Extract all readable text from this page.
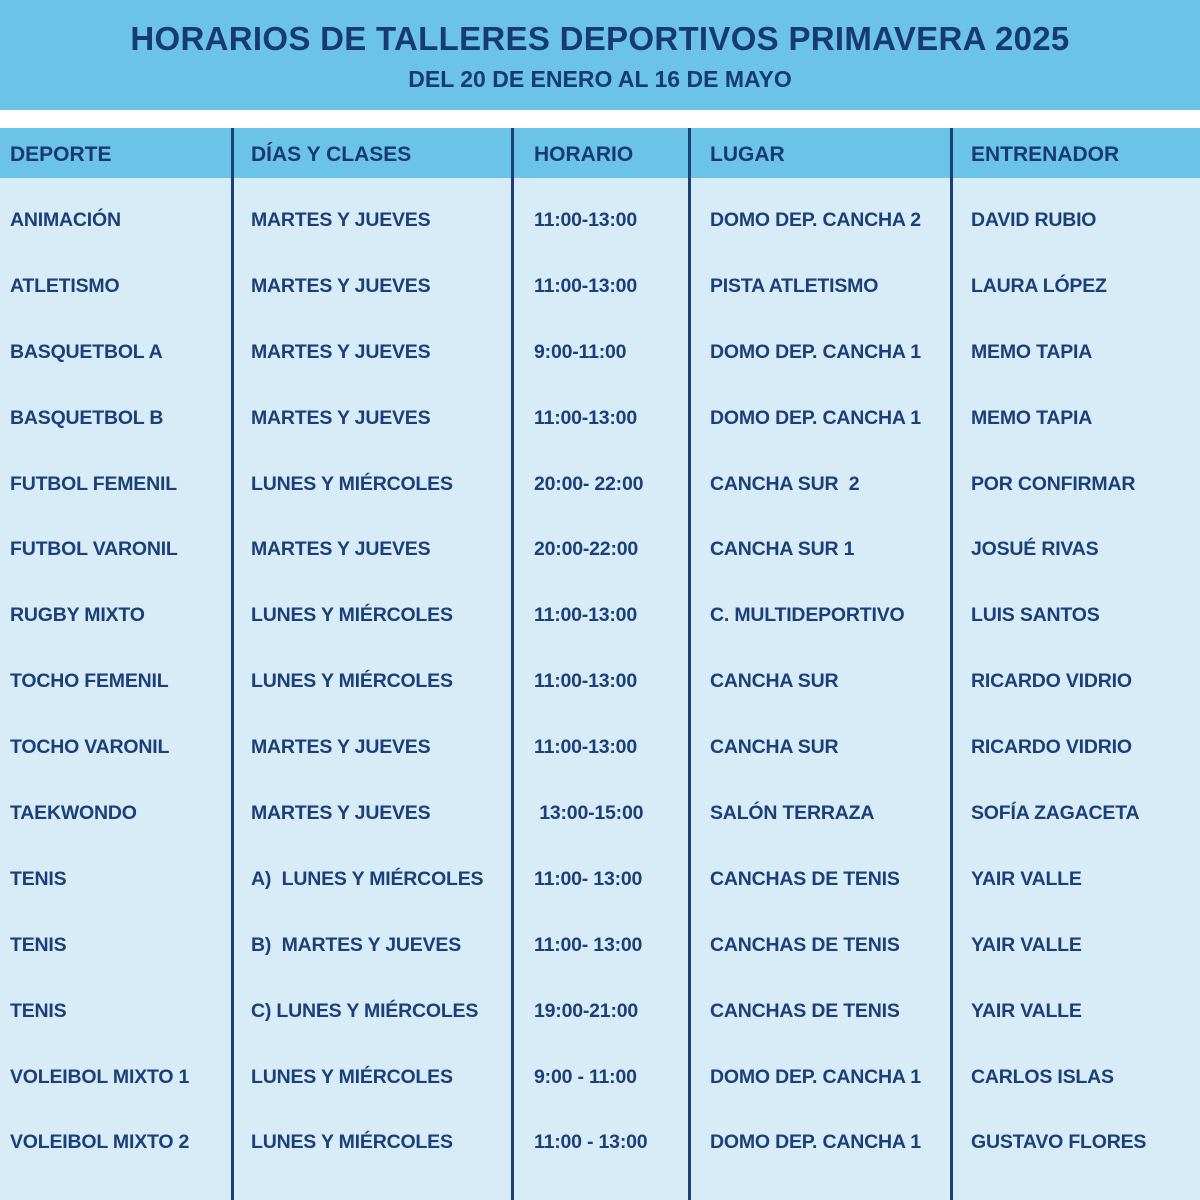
HORARIOS DE TALLERES DEPORTIVOS PRIMAVERA 2025
DEL 20 DE ENERO AL 16 DE MAYO
DEPORTE	DÍAS Y CLASES	HORARIO	LUGAR	ENTRENADOR
ANIMACIÓN	MARTES Y JUEVES	11:00-13:00	DOMO DEP. CANCHA 2	DAVID RUBIO
ATLETISMO	MARTES Y JUEVES	11:00-13:00	PISTA ATLETISMO	LAURA LÓPEZ
BASQUETBOL A	MARTES Y JUEVES	9:00-11:00	DOMO DEP. CANCHA 1	MEMO TAPIA
BASQUETBOL B	MARTES Y JUEVES	11:00-13:00	DOMO DEP. CANCHA 1	MEMO TAPIA
FUTBOL FEMENIL	LUNES Y MIÉRCOLES	20:00- 22:00	CANCHA SUR  2	POR CONFIRMAR
FUTBOL VARONIL	MARTES Y JUEVES	20:00-22:00	CANCHA SUR 1	JOSUÉ RIVAS
RUGBY MIXTO	LUNES Y MIÉRCOLES	11:00-13:00	C. MULTIDEPORTIVO	LUIS SANTOS
TOCHO FEMENIL	LUNES Y MIÉRCOLES	11:00-13:00	CANCHA SUR	RICARDO VIDRIO
TOCHO VARONIL	MARTES Y JUEVES	11:00-13:00	CANCHA SUR	RICARDO VIDRIO
TAEKWONDO	MARTES Y JUEVES	13:00-15:00	SALÓN TERRAZA	SOFÍA ZAGACETA
TENIS	A)  LUNES Y MIÉRCOLES	11:00- 13:00	CANCHAS DE TENIS	YAIR VALLE
TENIS	B)  MARTES Y JUEVES	11:00- 13:00	CANCHAS DE TENIS	YAIR VALLE
TENIS	C) LUNES Y MIÉRCOLES	19:00-21:00	CANCHAS DE TENIS	YAIR VALLE
VOLEIBOL MIXTO 1	LUNES Y MIÉRCOLES	9:00 - 11:00	DOMO DEP. CANCHA 1	CARLOS ISLAS
VOLEIBOL MIXTO 2	LUNES Y MIÉRCOLES	11:00 - 13:00	DOMO DEP. CANCHA 1	GUSTAVO FLORES
